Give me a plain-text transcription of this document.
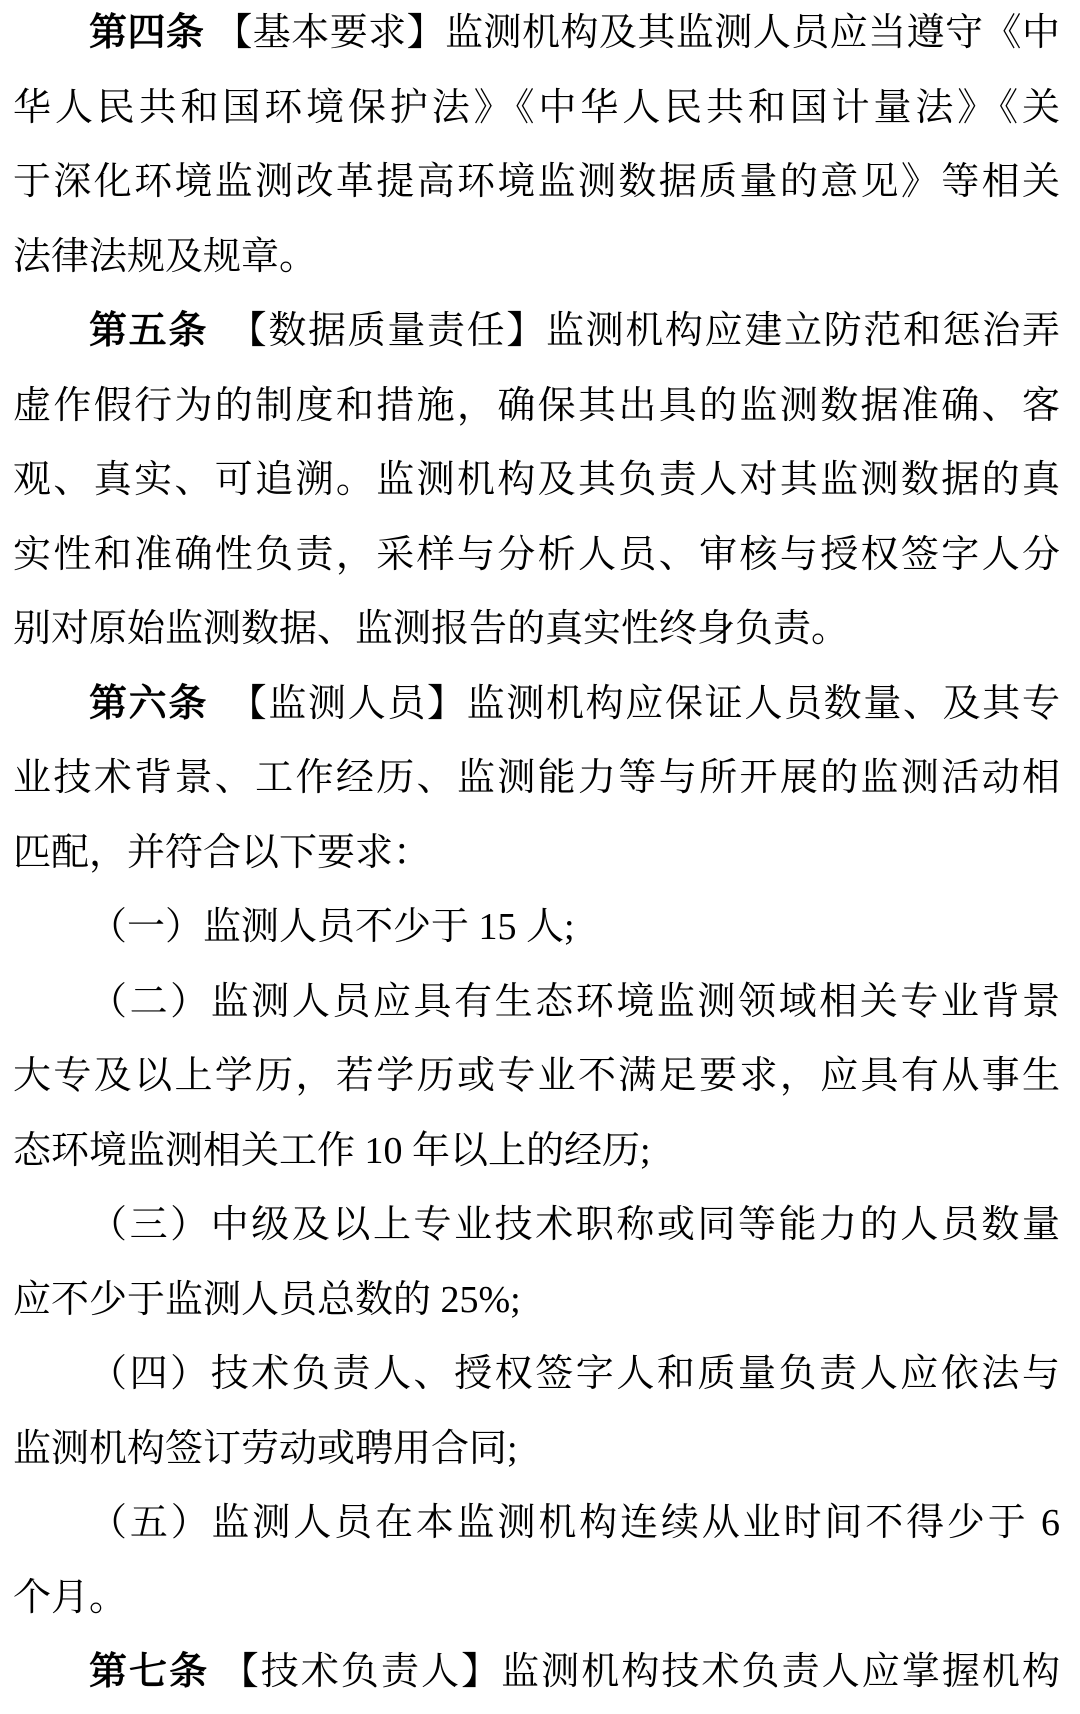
第四条 【基本要求】监测机构及其监测人员应当遵守《中
华人民共和国环境保护法》《中华人民共和国计量法》《关
于深化环境监测改革提高环境监测数据质量的意见》等相关
法律法规及规章。
第五条　【数据质量责任】监测机构应建立防范和惩治弄
虚作假行为的制度和措施，确保其出具的监测数据准确、客
观、真实、可追溯。监测机构及其负责人对其监测数据的真
实性和准确性负责，采样与分析人员、审核与授权签字人分
别对原始监测数据、监测报告的真实性终身负责。
第六条　【监测人员】监测机构应保证人员数量、及其专
业技术背景、工作经历、监测能力等与所开展的监测活动相
匹配，并符合以下要求：
（一）监测人员不少于 15 人;
（二）监测人员应具有生态环境监测领域相关专业背景
大专及以上学历，若学历或专业不满足要求，应具有从事生
态环境监测相关工作 10 年以上的经历;
（三）中级及以上专业技术职称或同等能力的人员数量
应不少于监测人员总数的 25%;
（四）技术负责人、授权签字人和质量负责人应依法与
监测机构签订劳动或聘用合同;
（五）监测人员在本监测机构连续从业时间不得少于 6
个月。
第七条 【技术负责人】监测机构技术负责人应掌握机构
